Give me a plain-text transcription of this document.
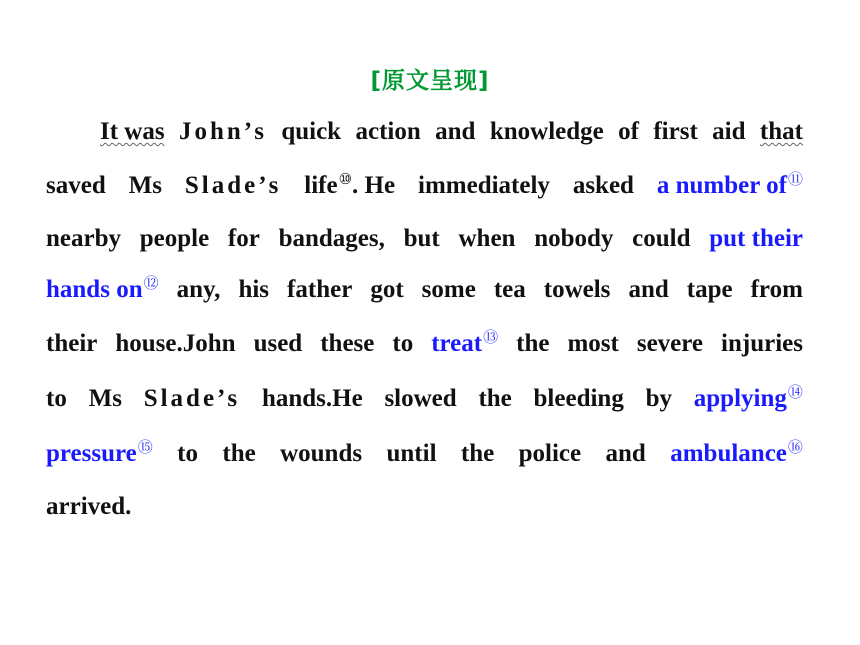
[原文呈现]
It was John’s quick action and knowledge of first aid that
saved Ms Slade’s life⑩. He immediately asked a number of⑪
nearby people for bandages, but when nobody could put their
hands on⑫ any, his father got some tea towels and tape from
their house.John used these to treat⑬ the most severe injuries
to Ms Slade’s hands.He slowed the bleeding by applying⑭
pressure⑮ to the wounds until the police and ambulance⑯
arrived.
